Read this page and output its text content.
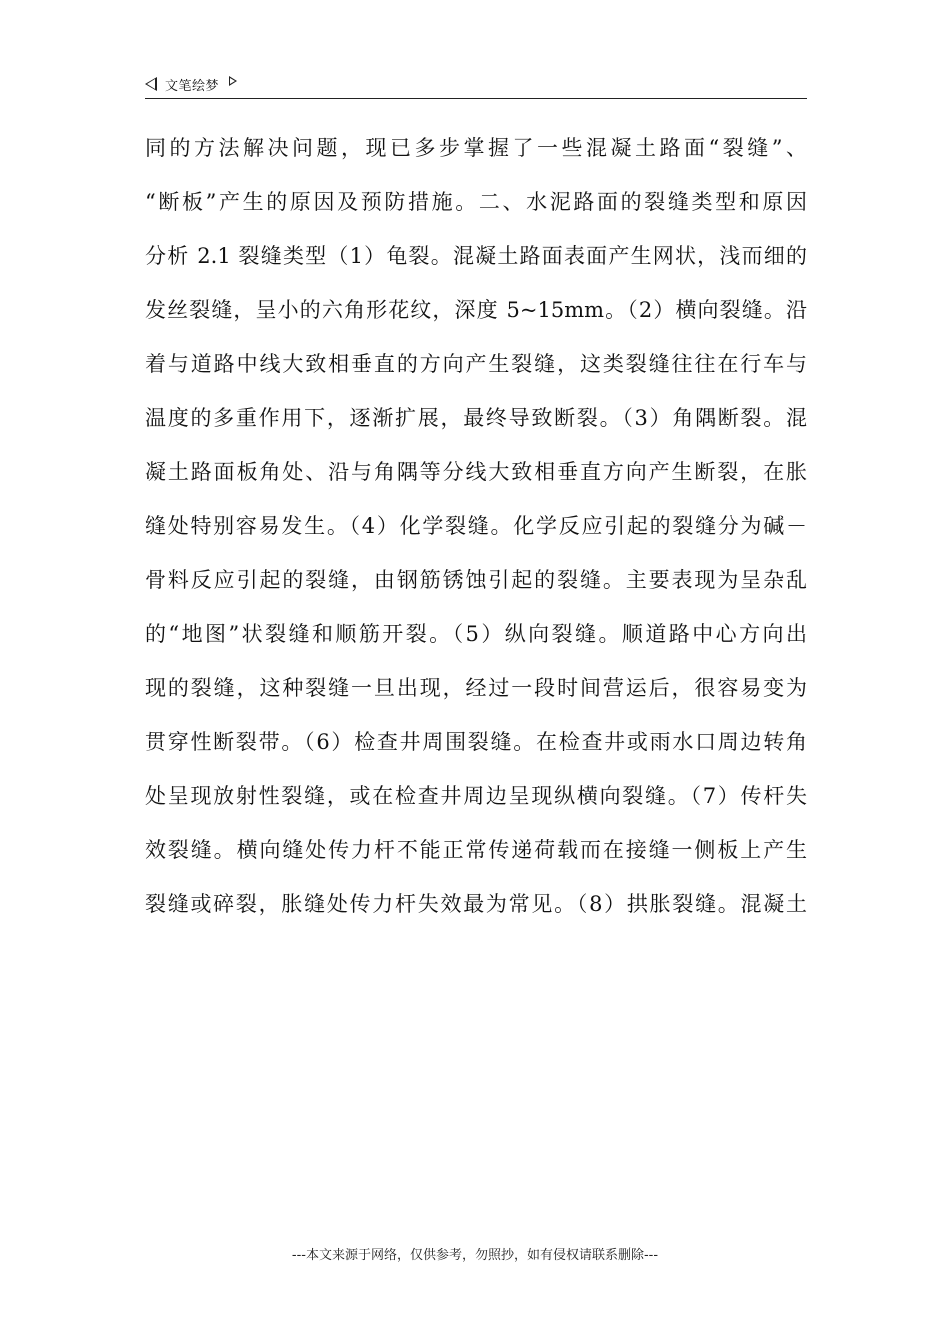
文笔绘梦
同的方法解决问题，现已多步掌握了一些混凝土路面“裂缝”、
“断板”产生的原因及预防措施。二、水泥路面的裂缝类型和原因
分析 2.1 裂缝类型（1）龟裂。混凝土路面表面产生网状，浅而细的
发丝裂缝，呈小的六角形花纹，深度 5~15mm。（2）横向裂缝。沿
着与道路中线大致相垂直的方向产生裂缝，这类裂缝往往在行车与
温度的多重作用下，逐渐扩展，最终导致断裂。（3）角隅断裂。混
凝土路面板角处、沿与角隅等分线大致相垂直方向产生断裂，在胀
缝处特别容易发生。（4）化学裂缝。化学反应引起的裂缝分为碱－
骨料反应引起的裂缝，由钢筋锈蚀引起的裂缝。主要表现为呈杂乱
的“地图”状裂缝和顺筋开裂。（5）纵向裂缝。顺道路中心方向出
现的裂缝，这种裂缝一旦出现，经过一段时间营运后，很容易变为
贯穿性断裂带。（6）检查井周围裂缝。在检查井或雨水口周边转角
处呈现放射性裂缝，或在检查井周边呈现纵横向裂缝。（7）传杆失
效裂缝。横向缝处传力杆不能正常传递荷载而在接缝一侧板上产生
裂缝或碎裂，胀缝处传力杆失效最为常见。（8）拱胀裂缝。混凝土
---本文来源于网络，仅供参考，勿照抄，如有侵权请联系删除---
